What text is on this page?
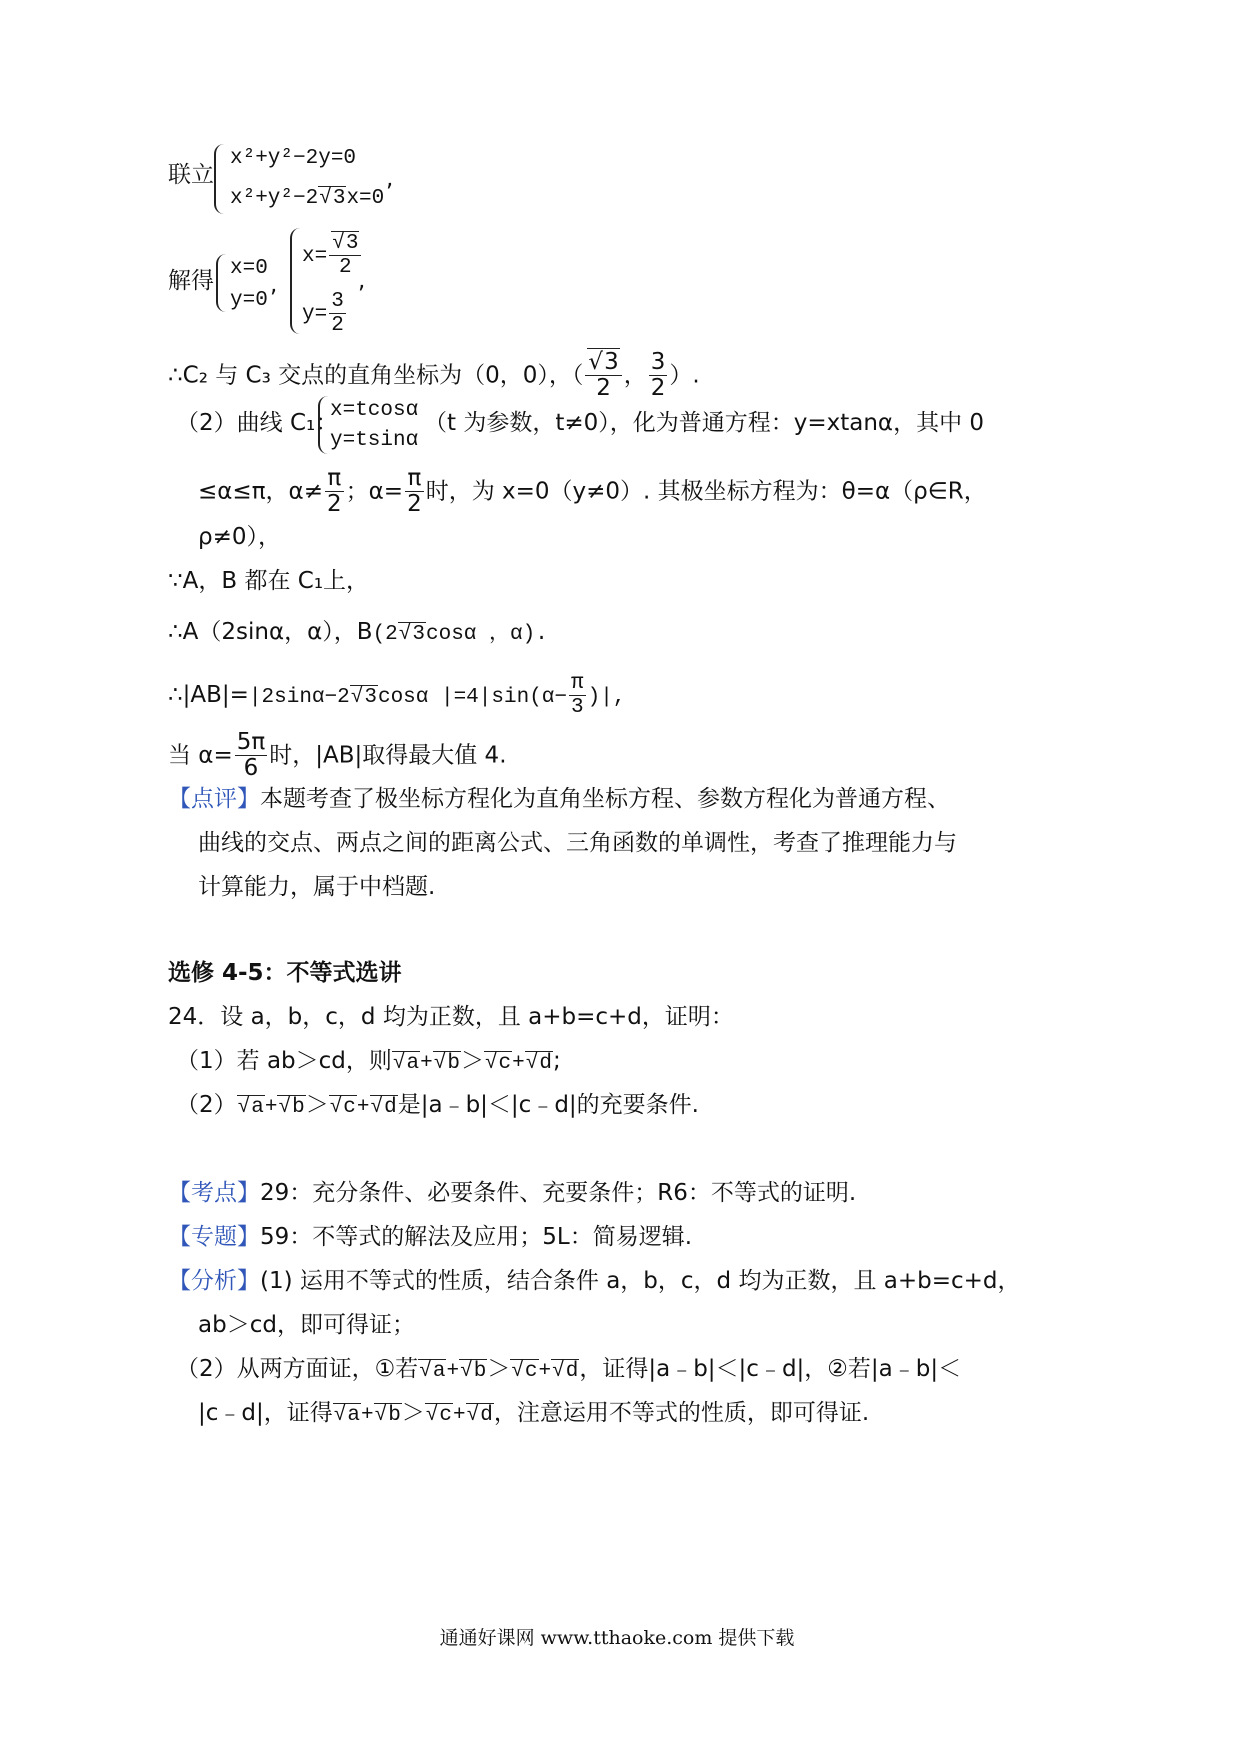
联立
x²+y²−2y=0
x²+y²−2 √ 3x=0
,
解得 x=0
y=0
,
x= √ $\frac{3}{2}$
$y= \frac{3}{2}$
,
∴C₂ 与 C₃ 交点的直角坐标为（0，0），（ √ $\frac{3}{2}$ ， $\frac{3}{2}$ ）.
（2）曲线 C₁：
x=tcosα
y=tsinα
（t 为参数，t≠0），化为普通方程：y=xtanα，其中 0
≤α≤π，$\alpha\ne \frac{\pi}{2}$ ；$\alpha= \frac{\pi}{2}$ 时，为 x=0（y≠0）. 其极坐标方程为：θ=α（ρ∈R，
ρ≠0），
∵A，B 都在 C₁上，
∴A（2sinα，α），B(2 √ 3cosα ，α).
∴|AB|=|2sinα−2 √ 3cosα $|=4|\sin(\alpha- \frac{\pi}{3}$ )|,
当 $\alpha= \frac{5\pi}{6}$ 时，|AB|取得最大值 4.
【点评】本题考查了极坐标方程化为直角坐标方程、参数方程化为普通方程、
曲线的交点、两点之间的距离公式、三角函数的单调性，考查了推理能力与
计算能力，属于中档题.
选修 4-5：不等式选讲
24．设 a，b，c，d 均为正数，且 a+b=c+d，证明：
（1）若 ab＞cd，则 √ a+ √ b＞ √ c+ √ d;
（2） √ a+ √ b＞ √ c+ √ d是|a﹣b|＜|c﹣d|的充要条件.
【考点】29：充分条件、必要条件、充要条件；R6：不等式的证明.
【专题】59：不等式的解法及应用；5L：简易逻辑.
【分析】(1) 运用不等式的性质，结合条件 a，b，c，d 均为正数，且 a+b=c+d，
ab＞cd，即可得证；
（2）从两方面证，①若 √ a+ √ b＞ √ c+ √ d，证得|a﹣b|＜|c﹣d|，②若|a﹣b|＜
|c﹣d|，证得 √ a+ √ b＞ √ c+ √ d，注意运用不等式的性质，即可得证.
通通好课网 www.tthaoke.com 提供下载
